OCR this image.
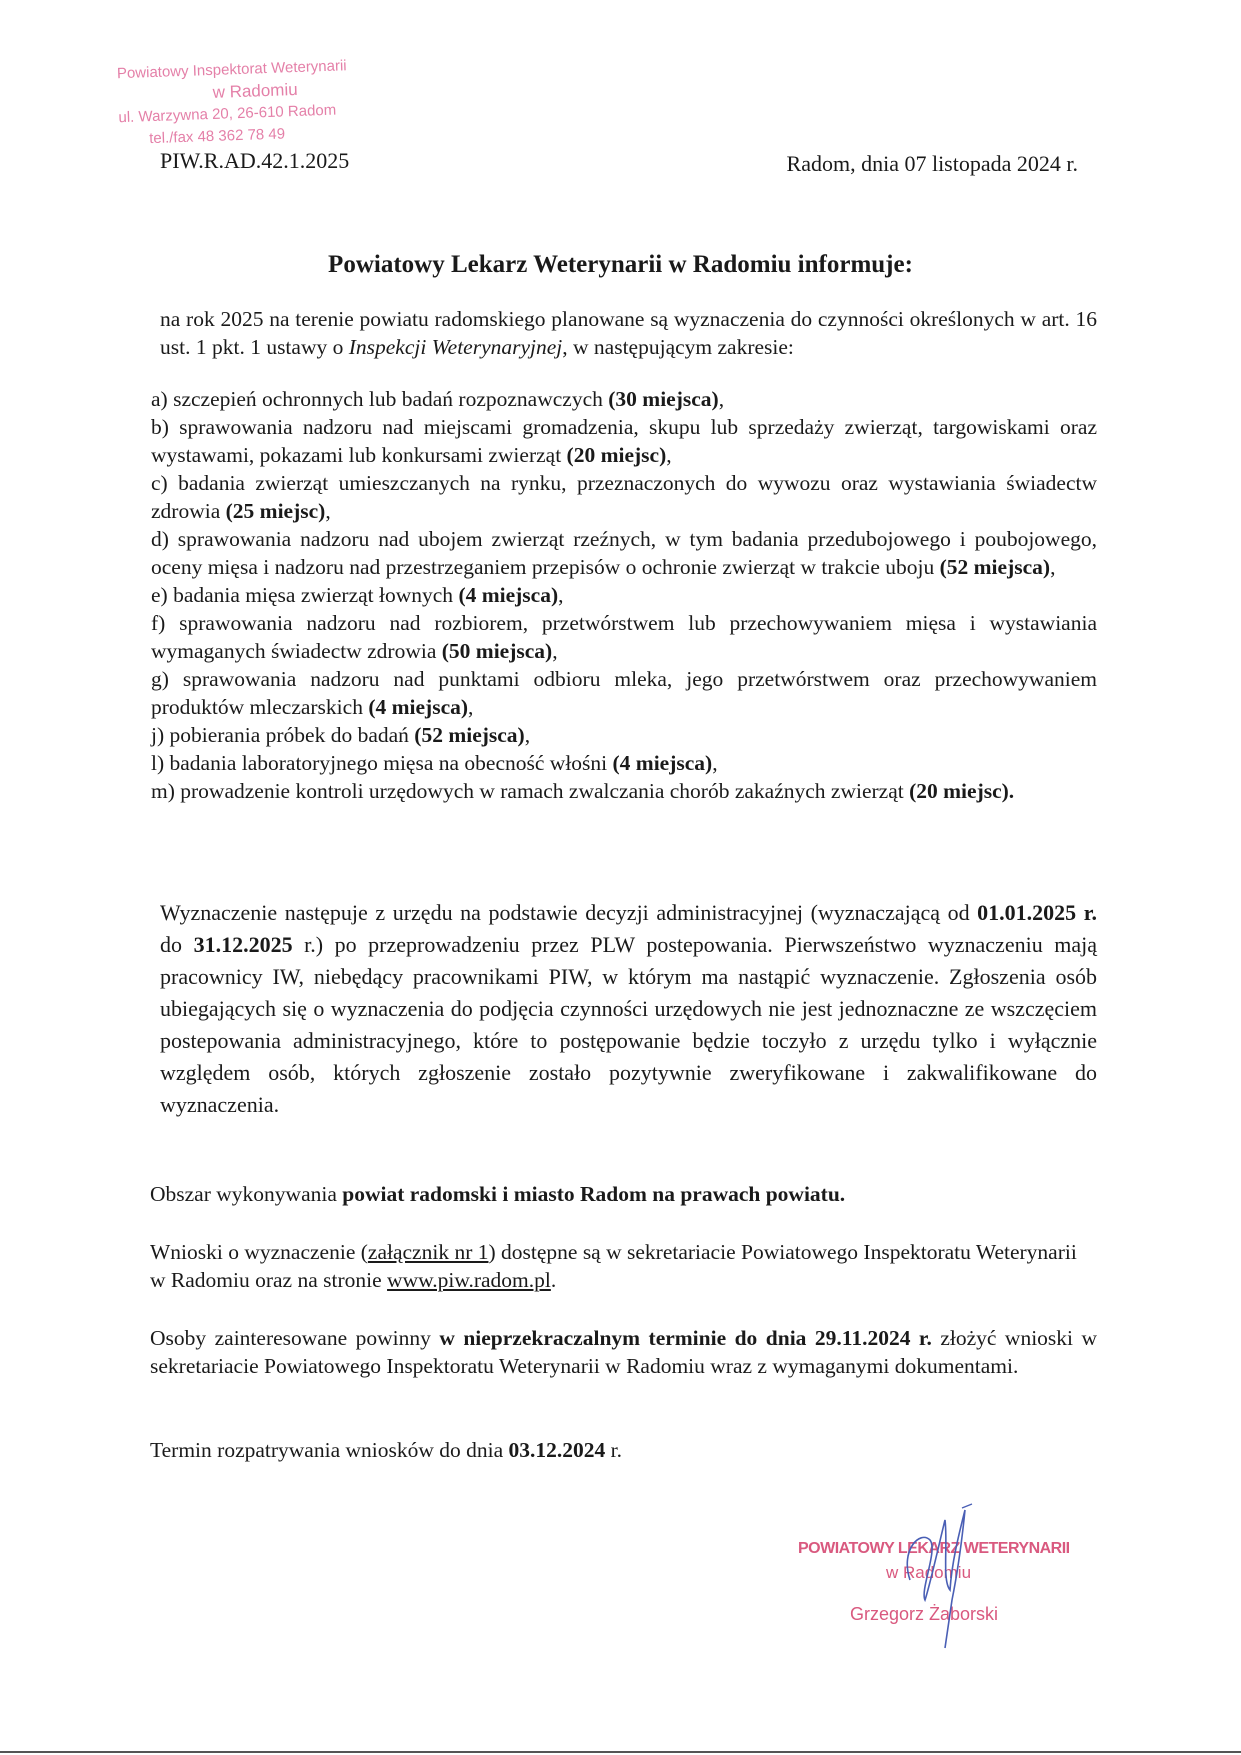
Powiatowy Inspektorat Weterynarii
w Radomiu
ul. Warzywna 20, 26-610 Radom
tel./fax 48 362 78 49
PIW.R.AD.42.1.2025	Radom, dnia 07 listopada 2024 r.
Powiatowy Lekarz Weterynarii w Radomiu informuje:
na rok 2025 na terenie powiatu radomskiego planowane są wyznaczenia do czynności określonych w art. 16 ust. 1 pkt. 1 ustawy o Inspekcji Weterynaryjnej, w następującym zakresie:
a) szczepień ochronnych lub badań rozpoznawczych (30 miejsca),
b) sprawowania nadzoru nad miejscami gromadzenia, skupu lub sprzedaży zwierząt, targowiskami oraz wystawami, pokazami lub konkursami zwierząt (20 miejsc),
c) badania zwierząt umieszczanych na rynku, przeznaczonych do wywozu oraz wystawiania świadectw zdrowia (25 miejsc),
d) sprawowania nadzoru nad ubojem zwierząt rzeźnych, w tym badania przedubojowego i poubojowego, oceny mięsa i nadzoru nad przestrzeganiem przepisów o ochronie zwierząt w trakcie uboju (52 miejsca),
e) badania mięsa zwierząt łownych (4 miejsca),
f) sprawowania nadzoru nad rozbiorem, przetwórstwem lub przechowywaniem mięsa i wystawiania wymaganych świadectw zdrowia (50 miejsca),
g) sprawowania nadzoru nad punktami odbioru mleka, jego przetwórstwem oraz przechowywaniem produktów mleczarskich (4 miejsca),
j) pobierania próbek do badań (52 miejsca),
l) badania laboratoryjnego mięsa na obecność włośni (4 miejsca),
m) prowadzenie kontroli urzędowych w ramach zwalczania chorób zakaźnych zwierząt (20 miejsc).
Wyznaczenie następuje z urzędu na podstawie decyzji administracyjnej (wyznaczającą od 01.01.2025 r. do 31.12.2025 r.) po przeprowadzeniu przez PLW postepowania. Pierwszeństwo wyznaczeniu mają pracownicy IW, niebędący pracownikami PIW, w którym ma nastąpić wyznaczenie. Zgłoszenia osób ubiegających się o wyznaczenia do podjęcia czynności urzędowych nie jest jednoznaczne ze wszczęciem postepowania administracyjnego, które to postępowanie będzie toczyło z urzędu tylko i wyłącznie względem osób, których zgłoszenie zostało pozytywnie zweryfikowane i zakwalifikowane do wyznaczenia.
Obszar wykonywania powiat radomski i miasto Radom na prawach powiatu.
Wnioski o wyznaczenie (załącznik nr 1) dostępne są w sekretariacie Powiatowego Inspektoratu Weterynarii w Radomiu oraz na stronie www.piw.radom.pl.
Osoby zainteresowane powinny w nieprzekraczalnym terminie do dnia 29.11.2024 r. złożyć wnioski w sekretariacie Powiatowego Inspektoratu Weterynarii w Radomiu wraz z wymaganymi dokumentami.
Termin rozpatrywania wniosków do dnia 03.12.2024 r.
POWIATOWY LEKARZ WETERYNARII
w Radomiu
Grzegorz Żaborski
